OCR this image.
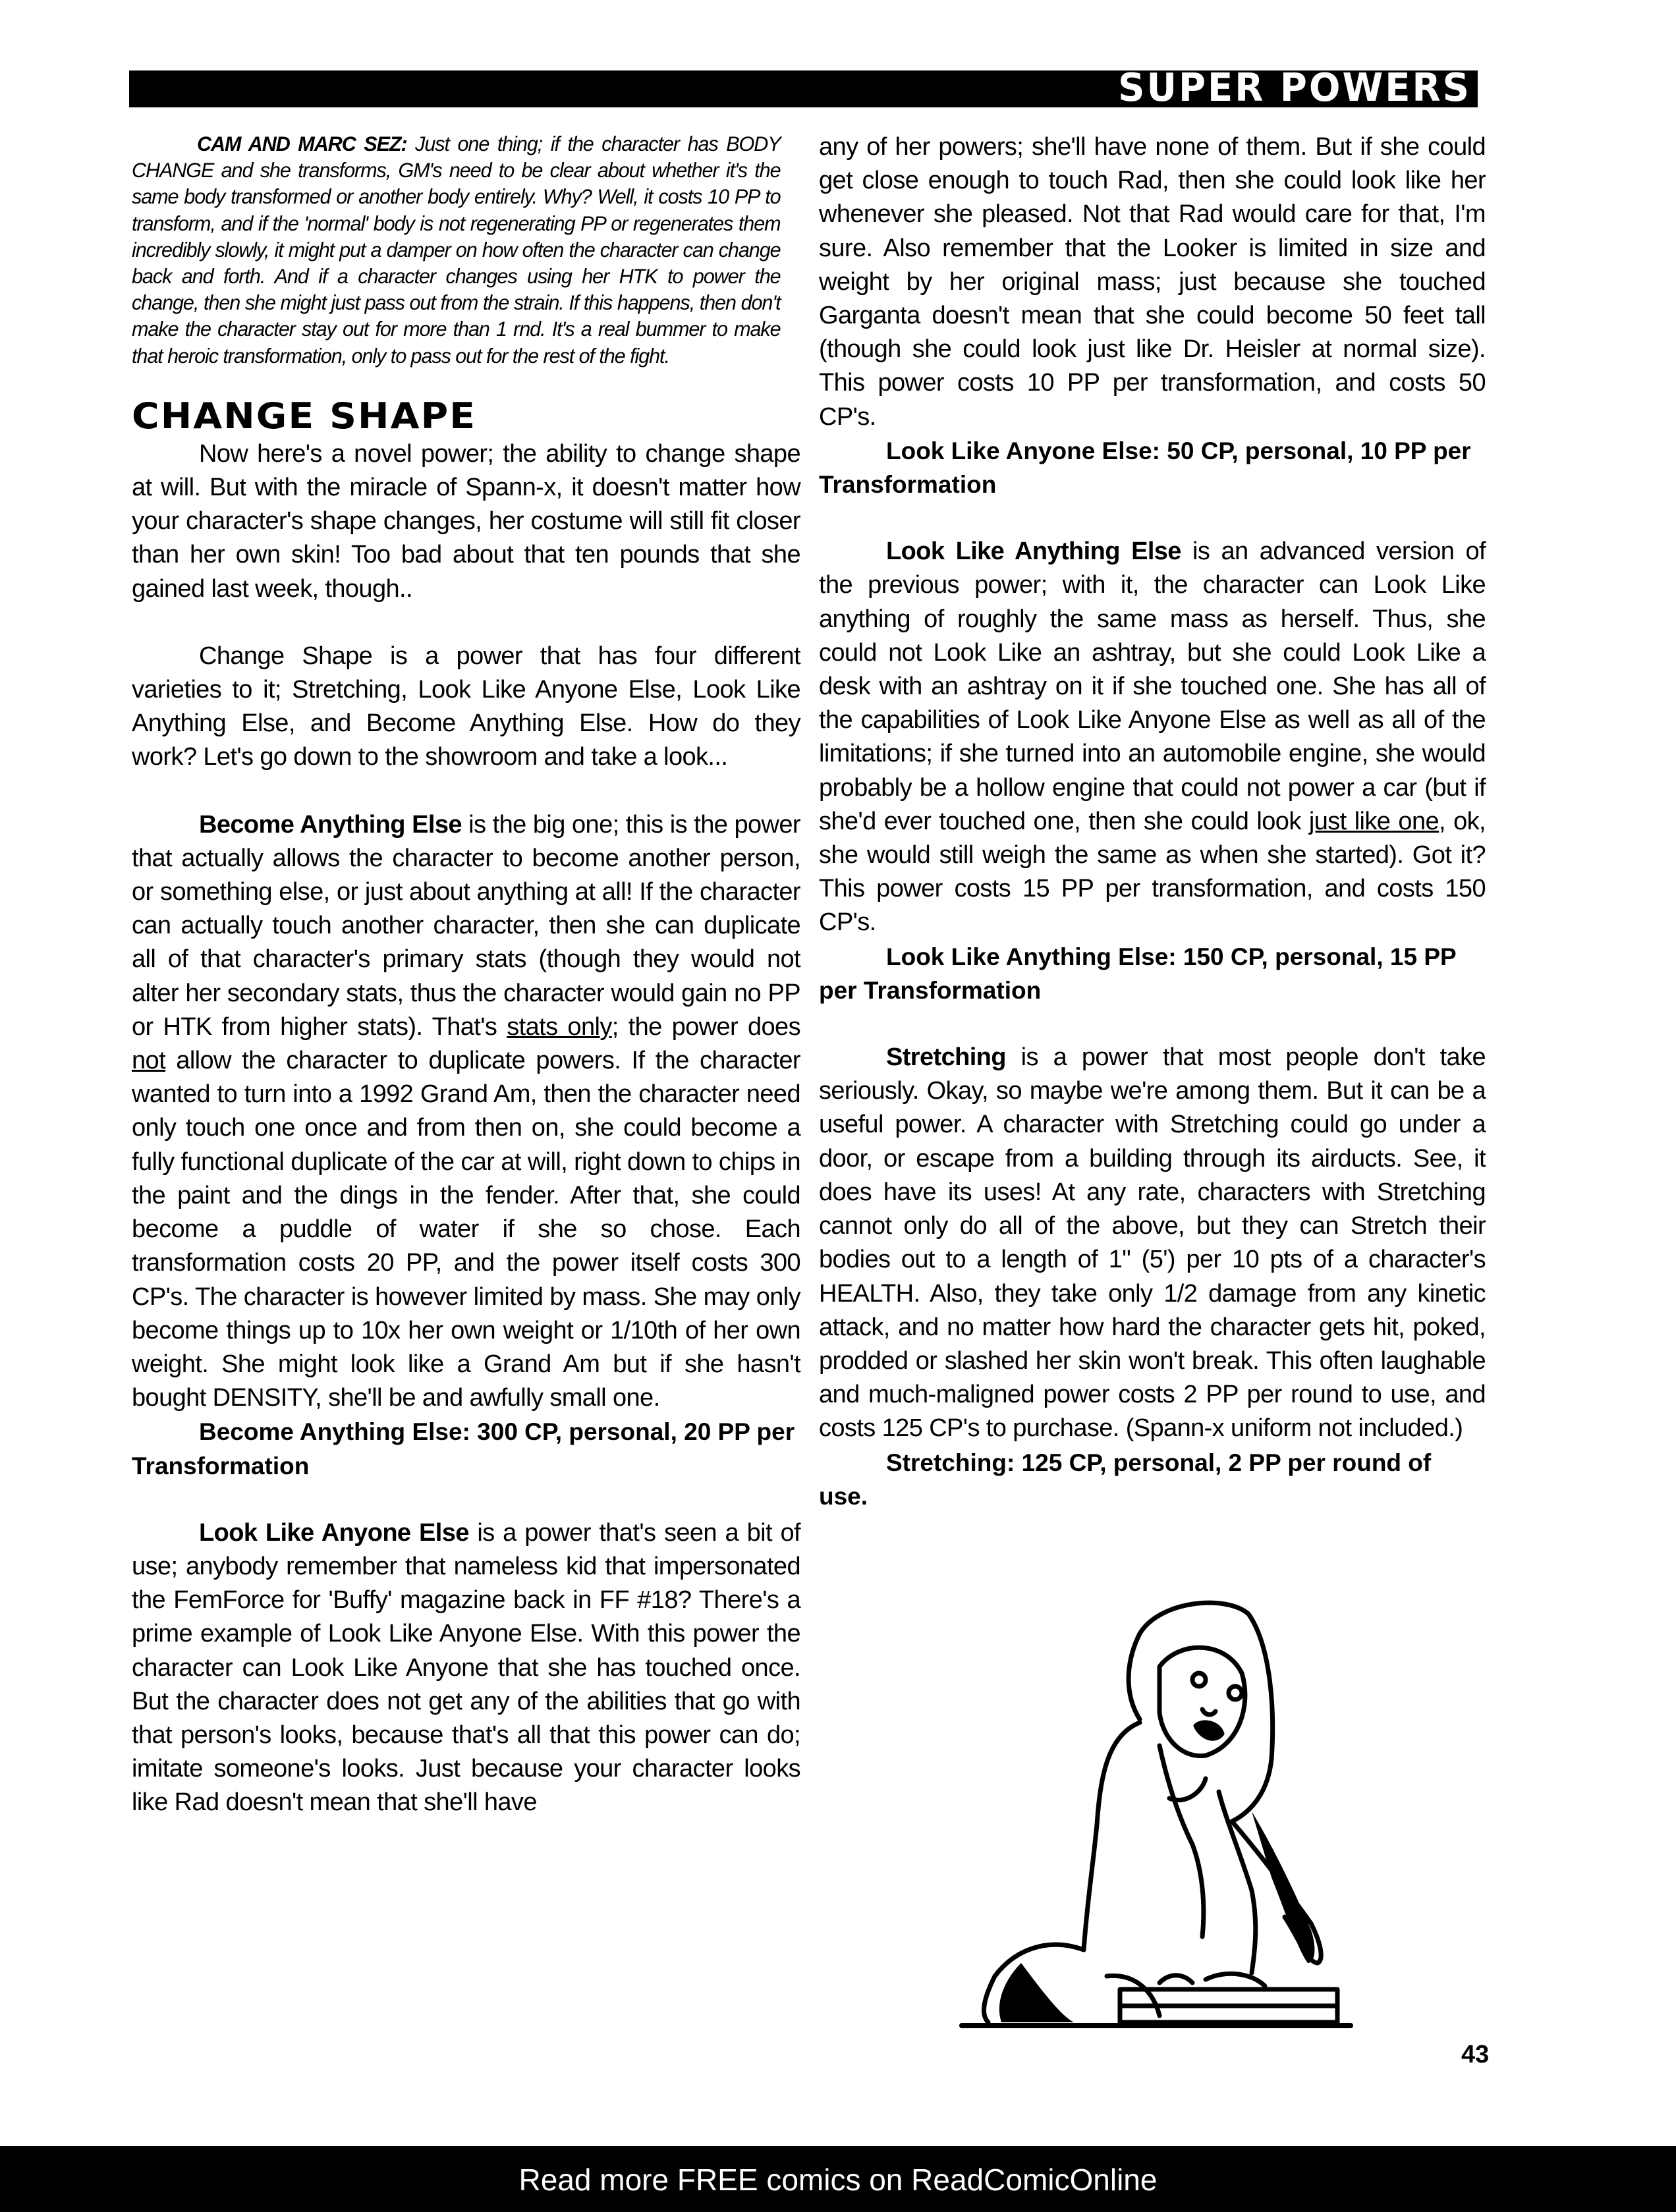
SUPER POWERS

CAM AND MARC SEZ: Just one thing; if the character has BODY CHANGE and she transforms, GM's need to be clear about whether it's the same body transformed or another body entirely. Why? Well, it costs 10 PP to transform, and if the 'normal' body is not regenerating PP or regenerates them incredibly slowly, it might put a damper on how often the character can change back and forth. And if a character changes using her HTK to power the change, then she might just pass out from the strain. If this happens, then don't make the character stay out for more than 1 rnd. It's a real bummer to make that heroic transformation, only to pass out for the rest of the fight.

CHANGE SHAPE

Now here's a novel power; the ability to change shape at will. But with the miracle of Spann-x, it doesn't matter how your character's shape changes, her costume will still fit closer than her own skin! Too bad about that ten pounds that she gained last week, though..

Change Shape is a power that has four different varieties to it; Stretching, Look Like Anyone Else, Look Like Anything Else, and Become Anything Else. How do they work? Let's go down to the showroom and take a look...

Become Anything Else is the big one; this is the power that actually allows the character to become another person, or something else, or just about anything at all! If the character can actually touch another character, then she can duplicate all of that character's primary stats (though they would not alter her secondary stats, thus the character would gain no PP or HTK from higher stats). That's stats only; the power does not allow the character to duplicate powers. If the character wanted to turn into a 1992 Grand Am, then the character need only touch one once and from then on, she could become a fully functional duplicate of the car at will, right down to chips in the paint and the dings in the fender. After that, she could become a puddle of water if she so chose. Each transformation costs 20 PP, and the power itself costs 300 CP's. The character is however limited by mass. She may only become things up to 10x her own weight or 1/10th of her own weight. She might look like a Grand Am but if she hasn't bought DENSITY, she'll be and awfully small one.

Become Anything Else: 300 CP, personal, 20 PP per Transformation

Look Like Anyone Else is a power that's seen a bit of use; anybody remember that nameless kid that impersonated the FemForce for 'Buffy' magazine back in FF #18? There's a prime example of Look Like Anyone Else. With this power the character can Look Like Anyone that she has touched once. But the character does not get any of the abilities that go with that person's looks, because that's all that this power can do; imitate someone's looks. Just because your character looks like Rad doesn't mean that she'll have

any of her powers; she'll have none of them. But if she could get close enough to touch Rad, then she could look like her whenever she pleased. Not that Rad would care for that, I'm sure. Also remember that the Looker is limited in size and weight by her original mass; just because she touched Garganta doesn't mean that she could become 50 feet tall (though she could look just like Dr. Heisler at normal size). This power costs 10 PP per transformation, and costs 50 CP's.

Look Like Anyone Else: 50 CP, personal, 10 PP per Transformation

Look Like Anything Else is an advanced version of the previous power; with it, the character can Look Like anything of roughly the same mass as herself. Thus, she could not Look Like an ashtray, but she could Look Like a desk with an ashtray on it if she touched one. She has all of the capabilities of Look Like Anyone Else as well as all of the limitations; if she turned into an automobile engine, she would probably be a hollow engine that could not power a car (but if she'd ever touched one, then she could look just like one, ok, she would still weigh the same as when she started). Got it? This power costs 15 PP per transformation, and costs 150 CP's.

Look Like Anything Else: 150 CP, personal, 15 PP per Transformation

Stretching is a power that most people don't take seriously. Okay, so maybe we're among them. But it can be a useful power. A character with Stretching could go under a door, or escape from a building through its airducts. See, it does have its uses! At any rate, characters with Stretching cannot only do all of the above, but they can Stretch their bodies out to a length of 1" (5') per 10 pts of a character's HEALTH. Also, they take only 1/2 damage from any kinetic attack, and no matter how hard the character gets hit, poked, prodded or slashed her skin won't break. This often laughable and much-maligned power costs 2 PP per round to use, and costs 125 CP's to purchase. (Spann-x uniform not included.)

Stretching: 125 CP, personal, 2 PP per round of use.

43
Read more FREE comics on ReadComicOnline
